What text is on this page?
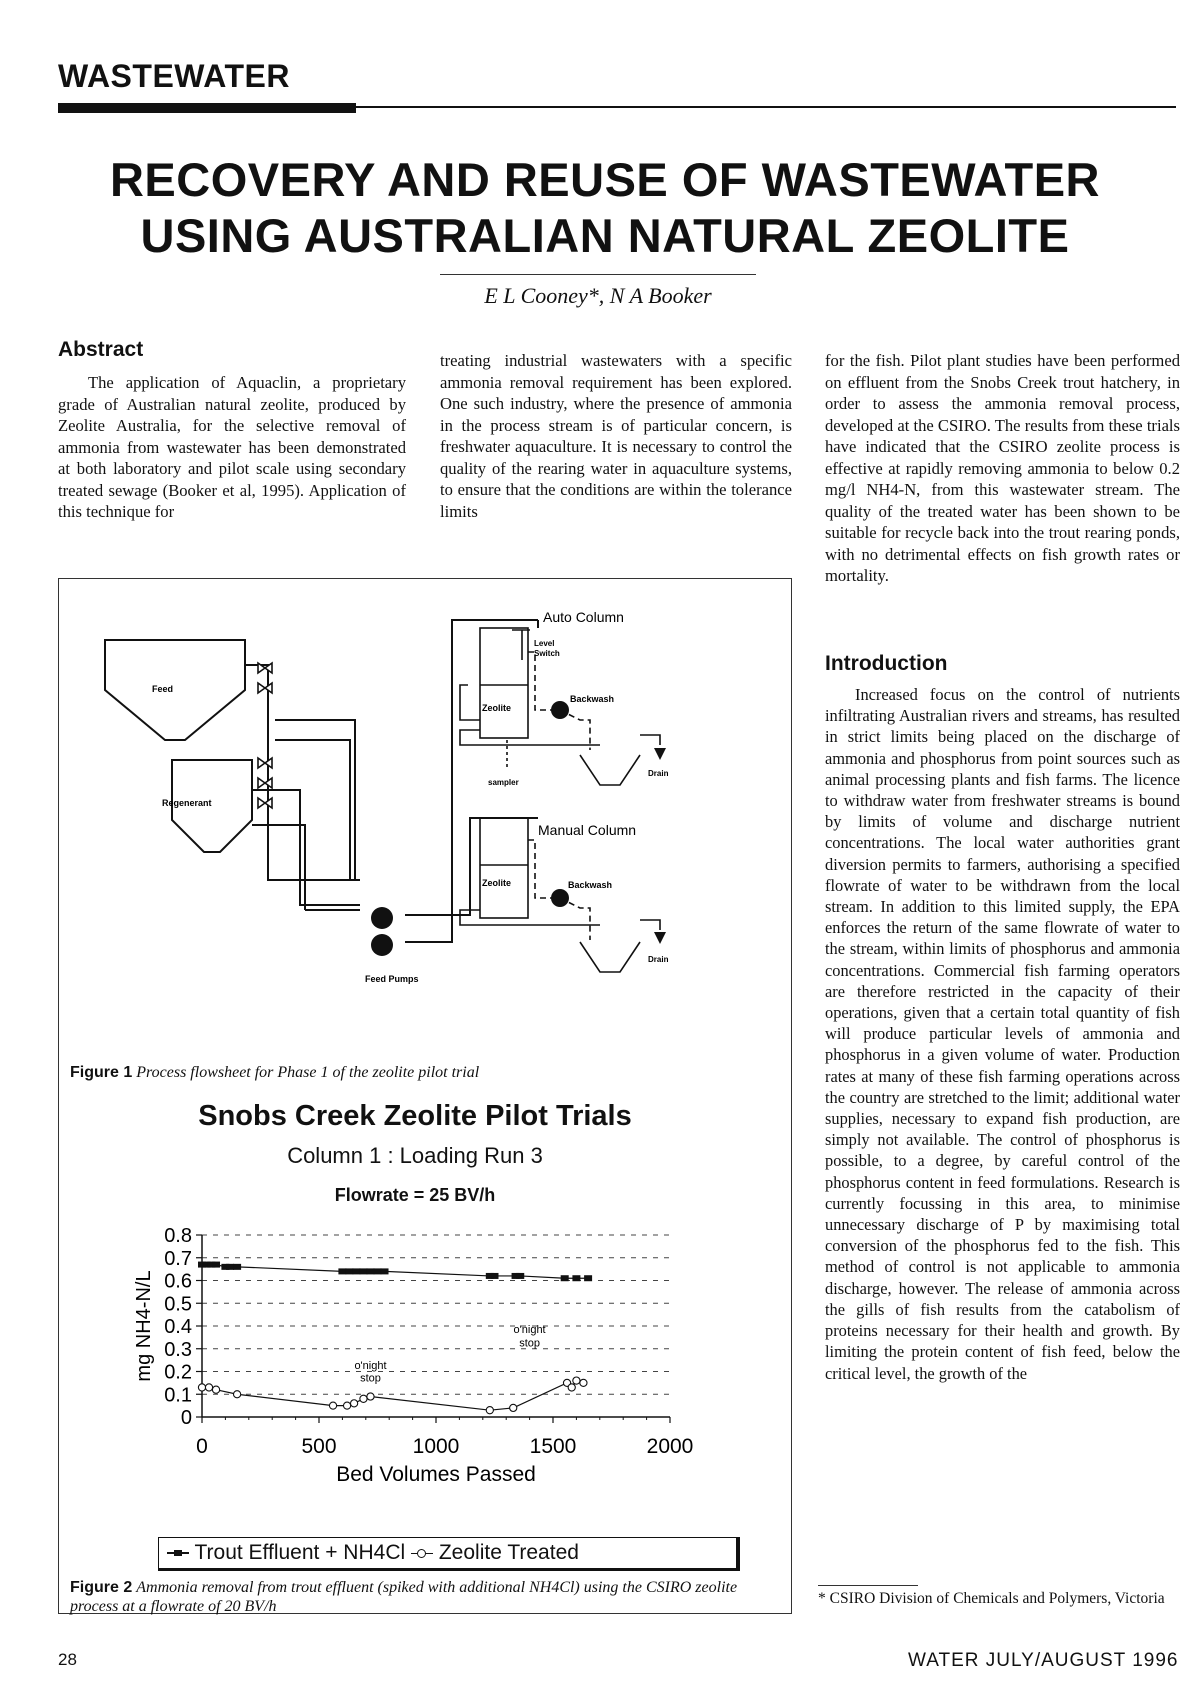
WASTEWATER
RECOVERY AND REUSE OF WASTEWATER
USING AUSTRALIAN NATURAL ZEOLITE
E L Cooney*, N A Booker
Abstract

The application of Aquaclin, a proprietary grade of Australian natural zeolite, produced by Zeolite Australia, for the selective removal of ammonia from wastewater has been demonstrated at both laboratory and pilot scale using secondary treated sewage (Booker et al, 1995). Application of this technique for

treating industrial wastewaters with a specific ammonia removal requirement has been explored. One such industry, where the presence of ammonia in the process stream is of particular concern, is freshwater aquaculture. It is necessary to control the quality of the rearing water in aquaculture systems, to ensure that the conditions are within the tolerance limits

for the fish. Pilot plant studies have been performed on effluent from the Snobs Creek trout hatchery, in order to assess the ammonia removal process, developed at the CSIRO. The results from these trials have indicated that the CSIRO zeolite process is effective at rapidly removing ammonia to below 0.2 mg/l NH4-N, from this wastewater stream. The quality of the treated water has been shown to be suitable for recycle back into the trout rearing ponds, with no detrimental effects on fish growth rates or mortality.

Introduction

Increased focus on the control of nutrients infiltrating Australian rivers and streams, has resulted in strict limits being placed on the discharge of ammonia and phosphorus from point sources such as animal processing plants and fish farms. The licence to withdraw water from freshwater streams is bound by limits of volume and discharge nutrient concentrations. The local water authorities grant diversion permits to farmers, authorising a specified flowrate of water to be withdrawn from the local stream. In addition to this limited supply, the EPA enforces the return of the same flowrate of water to the stream, within limits of phosphorus and ammonia concentrations. Commercial fish farming operators are therefore restricted in the capacity of their operations, given that a certain total quantity of fish will produce particular levels of ammonia and phosphorus in a given volume of water. Production rates at many of these fish farming operations across the country are stretched to the limit; additional water supplies, necessary to expand fish production, are simply not available. The control of phosphorus is possible, to a degree, by careful control of the phosphorus content in feed formulations. Research is currently focussing in this area, to minimise unnecessary discharge of P by maximising total conversion of the phosphorus fed to the fish. This method of control is not applicable to ammonia discharge, however. The release of ammonia across the gills of fish results from the catabolism of proteins necessary for their health and growth. By limiting the protein content of fish feed, below the critical level, the growth of the

Feed
Regenerant
Feed Pumps
Auto Column
Manual Column
Level
Switch
Zeolite
Zeolite
Backwash
Backwash
sampler
Drain
Drain
Figure 1 Process flowsheet for Phase 1 of the zeolite pilot trial
Snobs Creek Zeolite Pilot Trials
Column 1 : Loading Run 3
Flowrate = 25 BV/h
mg NH4-N/L
Bed Volumes Passed
0
0.1
0.2
0.3
0.4
0.5
0.6
0.7
0.8
0	500	1000	1500	2000
o'night
stop
o'night
stop
Trout Effluent + NH4Cl Zeolite Treated
Figure 2 Ammonia removal from trout effluent (spiked with additional NH4Cl) using the CSIRO zeolite process at a flowrate of 20 BV/h	* CSIRO Division of Chemicals and Polymers, Victoria
28	WATER JULY/AUGUST 1996
